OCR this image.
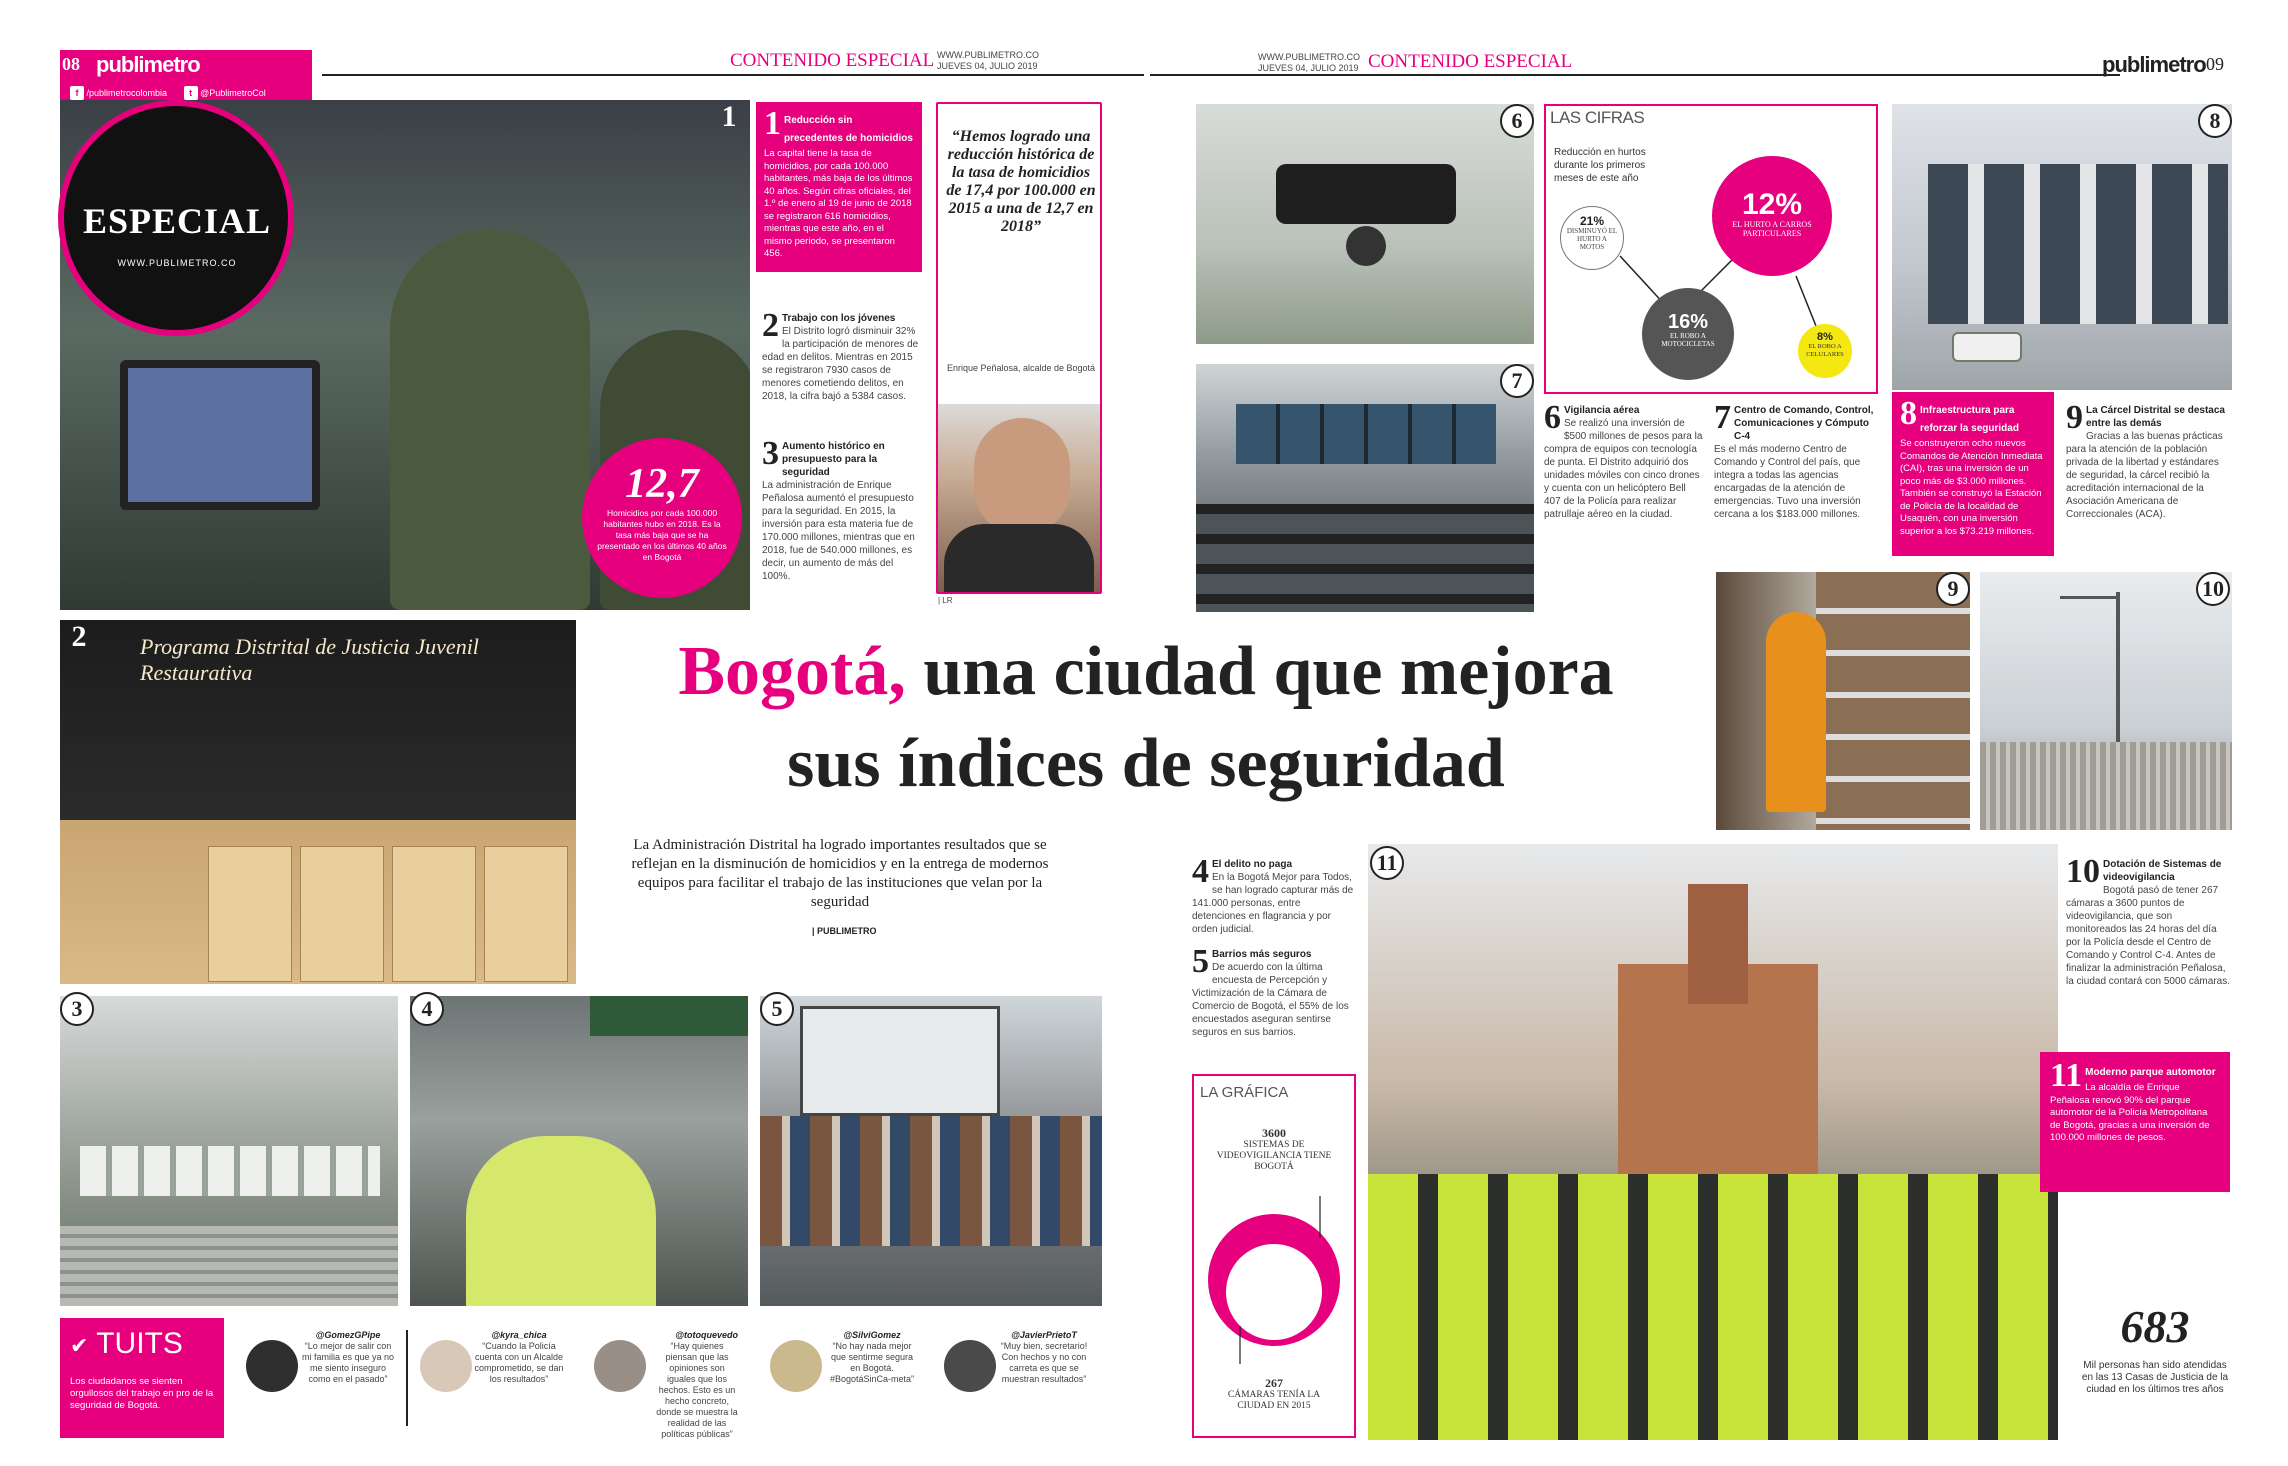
08 publimetro	CONTENIDO ESPECIAL WWW.PUBLIMETRO.CO
JUEVES 04, JULIO 2019
WWW.PUBLIMETRO.CO
JUEVES 04, JULIO 2019 CONTENIDO ESPECIAL	publimetro 09
f /publimetrocolombia t @PublimetroCol
ESPECIAL
WWW.PUBLIMETRO.CO
1
12,7
Homicidios por cada 100.000 habitantes hubo en 2018. Es la tasa más baja que se ha presentado en los últimos 40 años en Bogotá
1 Reducción sin precedentes de homicidios
La capital tiene la tasa de homicidios, por cada 100.000 habitantes, más baja de los últimos 40 años. Según cifras oficiales, del 1.º de enero al 19 de junio de 2018 se registraron 616 homicidios, mientras que este año, en el mismo periodo, se presentaron 456.
2 Trabajo con los jóvenes
El Distrito logró disminuir 32% la participación de menores de edad en delitos. Mientras en 2015 se registraron 7930 casos de menores cometiendo delitos, en 2018, la cifra bajó a 5384 casos.
3 Aumento histórico en presupuesto para la seguridad
La administración de Enrique Peñalosa aumentó el presupuesto para la seguridad. En 2015, la inversión para esta materia fue de 170.000 millones, mientras que en 2018, fue de 540.000 millones, es decir, un aumento de más del 100%.
“Hemos logrado una reducción histórica de la tasa de homicidios de 17,4 por 100.000 en 2015 a una de 12,7 en 2018”
Enrique Peñalosa, alcalde de Bogotá
| LR
Programa Distrital de Justicia Juvenil Restaurativa
2	Bogotá, una ciudad que mejora
sus índices de seguridad
La Administración Distrital ha logrado importantes resultados que se reflejan en la disminución de homicidios y en la entrega de modernos equipos para facilitar el trabajo de las instituciones que velan por la seguridad
| PUBLIMETRO
3	4	5
✔ TUITS
Los ciudadanos se sienten orgullosos del trabajo en pro de la seguridad de Bogotá.
@GomezGPipe
“Lo mejor de salir con mi familia es que ya no me siento inseguro como en el pasado”
@kyra_chica
“Cuando la Policía cuenta con un Alcalde comprometido, se dan los resultados”
@totoquevedo
“Hay quienes piensan que las opiniones son iguales que los hechos. Esto es un hecho concreto, donde se muestra la realidad de las políticas públicas”
@SilviGomez
“No hay nada mejor que sentirme segura en Bogotá. #BogotáSinCa-meta”
@JavierPrietoT
“Muy bien, secretario! Con hechos y no con carreta es que se muestran resultados”
6
7
LAS CIFRAS
Reducción en hurtos durante los primeros meses de este año
12%
EL HURTO A CARROS PARTICULARES
21%
DISMINUYÓ EL HURTO A MOTOS
16%
EL ROBO A MOTOCICLETAS
8%
EL ROBO A CELULARES
6 Vigilancia aérea
Se realizó una inversión de $500 millones de pesos para la compra de equipos con tecnología de punta. El Distrito adquirió dos unidades móviles con cinco drones y cuenta con un helicóptero Bell 407 de la Policía para realizar patrullaje aéreo en la ciudad.
7 Centro de Comando, Control, Comunicaciones y Cómputo C-4
Es el más moderno Centro de Comando y Control del país, que integra a todas las agencias encargadas de la atención de emergencias. Tuvo una inversión cercana a los $183.000 millones.
8
8 Infraestructura para reforzar la seguridad
Se construyeron ocho nuevos Comandos de Atención Inmediata (CAI), tras una inversión de un poco más de $3.000 millones. También se construyó la Estación de Policía de la localidad de Usaquén, con una inversión superior a los $73.219 millones.
9 La Cárcel Distrital se destaca entre las demás
Gracias a las buenas prácticas para la atención de la población privada de la libertad y estándares de seguridad, la cárcel recibió la acreditación internacional de la Asociación Americana de Correccionales (ACA).
9	10
10 Dotación de Sistemas de videovigilancia
Bogotá pasó de tener 267 cámaras a 3600 puntos de videovigilancia, que son monitoreados las 24 horas del día por la Policía desde el Centro de Comando y Control C-4. Antes de finalizar la administración Peñalosa, la ciudad contará con 5000 cámaras.
4 El delito no paga
En la Bogotá Mejor para Todos, se han logrado capturar más de 141.000 personas, entre detenciones en flagrancia y por orden judicial.
5 Barrios más seguros
De acuerdo con la última encuesta de Percepción y Victimización de la Cámara de Comercio de Bogotá, el 55% de los encuestados aseguran sentirse seguros en sus barrios.
LA GRÁFICA
3600
SISTEMAS DE VIDEOVIGILANCIA TIENE BOGOTÁ
267
CÁMARAS TENÍA LA CIUDAD EN 2015
11
11 Moderno parque automotor
La alcaldía de Enrique Peñalosa renovó 90% del parque automotor de la Policía Metropolitana de Bogotá, gracias a una inversión de 100.000 millones de pesos.
683
Mil personas han sido atendidas en las 13 Casas de Justicia de la ciudad en los últimos tres años
